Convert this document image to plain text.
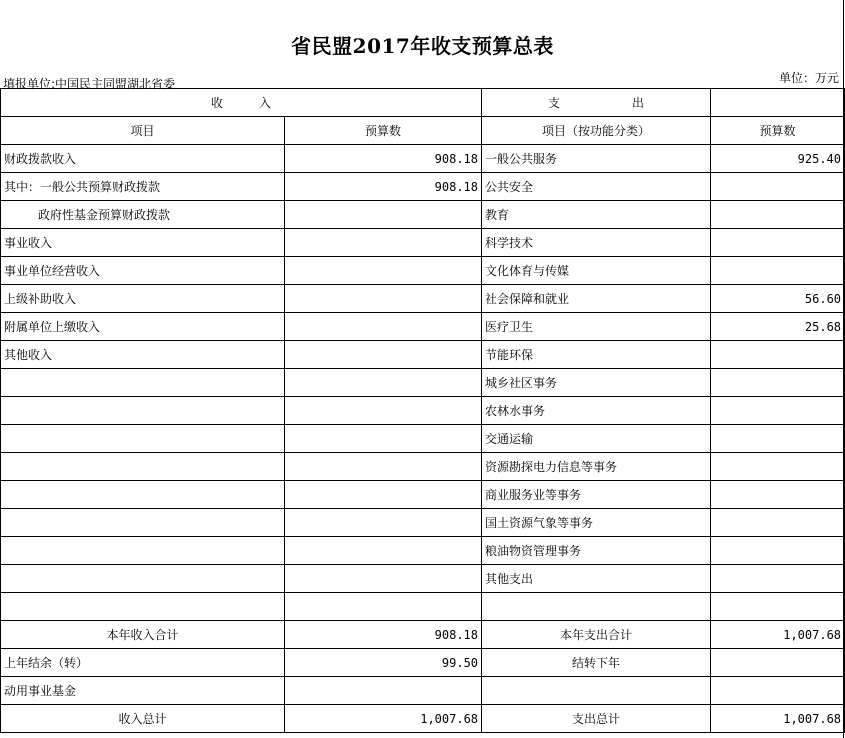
省民盟2017年收支预算总表
填报单位:中国民主同盟湖北省委	单位：万元
收　　　入		支　　　　　　出	
项目	预算数	项目（按功能分类）	预算数
财政拨款收入	908.18	一般公共服务	925.40
其中：一般公共预算财政拨款	908.18	公共安全	
政府性基金预算财政拨款		教育	
事业收入		科学技术	
事业单位经营收入		文化体育与传媒	
上级补助收入		社会保障和就业	56.60
附属单位上缴收入		医疗卫生	25.68
其他收入		节能环保	
		城乡社区事务	
		农林水事务	
		交通运输	
		资源勘探电力信息等事务	
		商业服务业等事务	
		国土资源气象等事务	
		粮油物资管理事务	
		其他支出	

本年收入合计	908.18	本年支出合计	1,007.68
上年结余（转）	99.50	结转下年	
动用事业基金			
收入总计	1,007.68	支出总计	1,007.68
